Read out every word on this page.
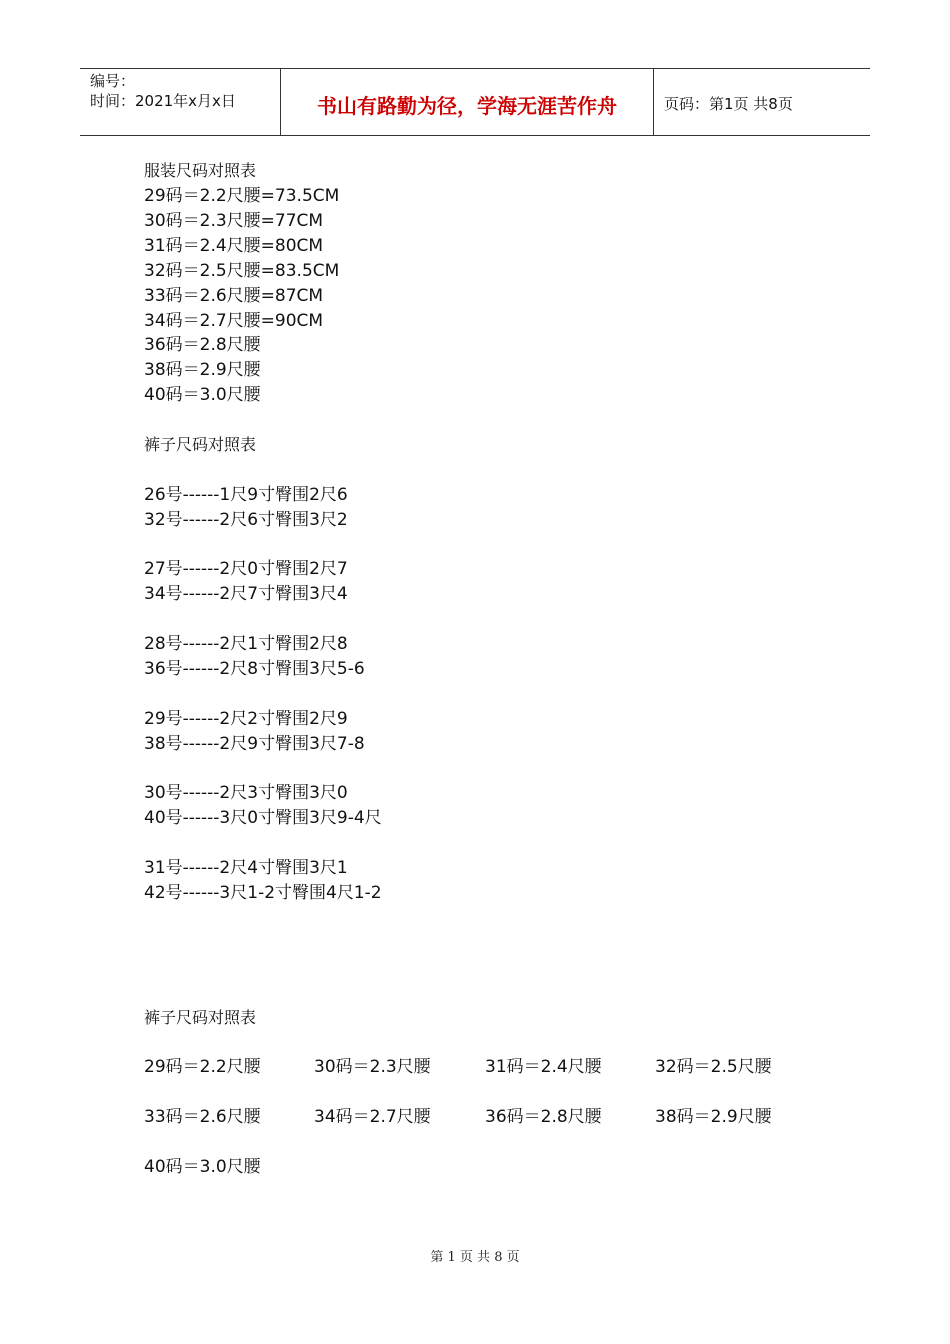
编号：
时间：2021年x月x日	书山有路勤为径，学海无涯苦作舟	页码：第1页 共8页
服装尺码对照表
29码＝2.2尺腰=73.5CM
30码＝2.3尺腰=77CM
31码＝2.4尺腰=80CM
32码＝2.5尺腰=83.5CM
33码＝2.6尺腰=87CM
34码＝2.7尺腰=90CM
36码＝2.8尺腰
38码＝2.9尺腰
40码＝3.0尺腰
裤子尺码对照表
26号------1尺9寸臀围2尺6
32号------2尺6寸臀围3尺2
27号------2尺0寸臀围2尺7
34号------2尺7寸臀围3尺4
28号------2尺1寸臀围2尺8
36号------2尺8寸臀围3尺5-6
29号------2尺2寸臀围2尺9
38号------2尺9寸臀围3尺7-8
30号------2尺3寸臀围3尺0
40号------3尺0寸臀围3尺9-4尺
31号------2尺4寸臀围3尺1
42号------3尺1-2寸臀围4尺1-2
裤子尺码对照表
29码＝2.2尺腰	30码＝2.3尺腰	31码＝2.4尺腰	32码＝2.5尺腰
33码＝2.6尺腰	34码＝2.7尺腰	36码＝2.8尺腰	38码＝2.9尺腰
40码＝3.0尺腰
第 1 页 共 8 页
